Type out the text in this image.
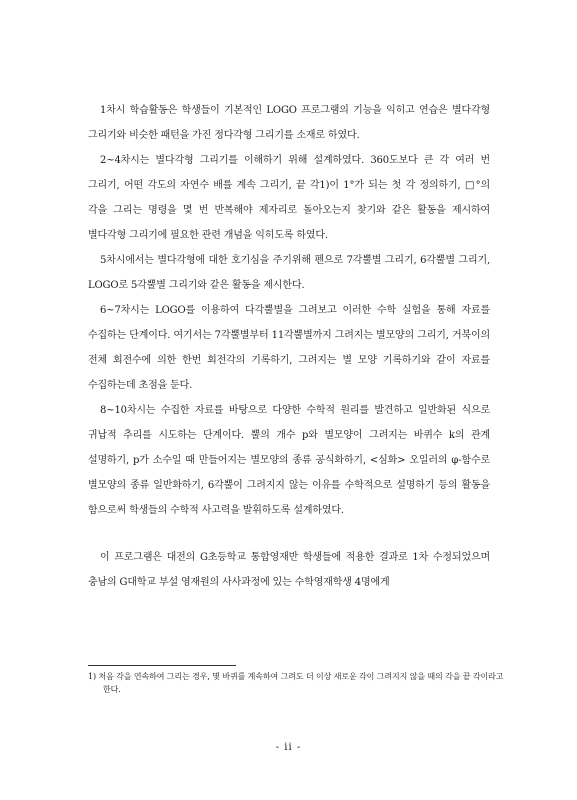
1차시 학습활동은 학생들이 기본적인 LOGO 프로그램의 기능을 익히고 연습은 별다각형 그리기와 비슷한 패턴을 가진 정다각형 그리기를 소재로 하였다.

2~4차시는 별다각형 그리기를 이해하기 위해 설계하였다. 360도보다 큰 각 여러 번 그리기, 어떤 각도의 자연수 배를 계속 그리기, 끝 각1)이 1°가 되는 첫 각 정의하기, □°의 각을 그리는 명령을 몇 번 반복해야 제자리로 돌아오는지 찾기와 같은 활동을 제시하여 별다각형 그리기에 필요한 관련 개념을 익히도록 하였다.

5차시에서는 별다각형에 대한 호기심을 주기위해 펜으로 7각뿔별 그리기, 6각뿔별 그리기, LOGO로 5각뿔별 그리기와 같은 활동을 제시한다.

6~7차시는 LOGO를 이용하여 다각뿔별을 그려보고 이러한 수학 실험을 통해 자료를 수집하는 단계이다. 여기서는 7각뿔별부터 11각뿔별까지 그려지는 별모양의 그리기, 거북이의 전체 회전수에 의한 한번 회전각의 기록하기, 그려지는 별 모양 기록하기와 같이 자료를 수집하는데 초점을 둔다.

8~10차시는 수집한 자료를 바탕으로 다양한 수학적 원리를 발견하고 일반화된 식으로 귀납적 추리를 시도하는 단계이다. 뿔의 개수 p와 별모양이 그려지는 바퀴수 k의 관계 설명하기, p가 소수일 때 만들어지는 별모양의 종류 공식화하기, <심화> 오일러의 φ-함수로 별모양의 종류 일반화하기, 6각뿔이 그려지지 않는 이유를 수학적으로 설명하기 등의 활동을 함으로써 학생들의 수학적 사고력을 발휘하도록 설계하였다.

이 프로그램은 대전의 G초등학교 통합영재반 학생들에 적용한 결과로 1차 수정되었으며 충남의 G대학교 부설 영재원의 사사과정에 있는 수학영재학생 4명에게

1) 처음 각을 연속하여 그리는 경우, 몇 바퀴를 계속하여 그려도 더 이상 새로운 각이 그려지지 않을 때의 각을 끝 각이라고 한다.

- ii -
